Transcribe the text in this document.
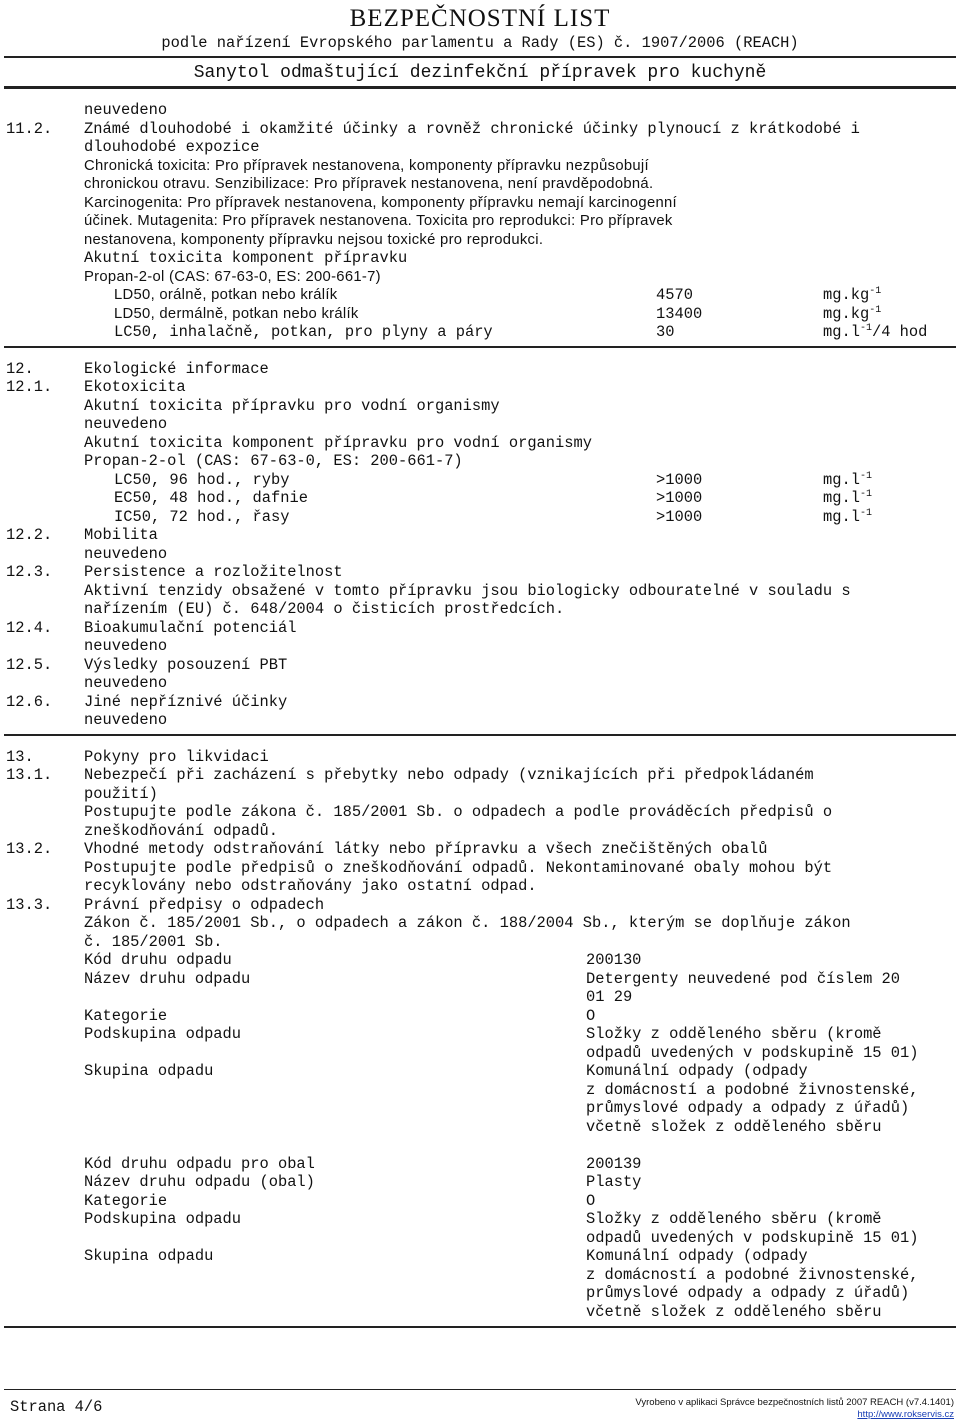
BEZPEČNOSTNÍ LIST
podle nařízení Evropského parlamentu a Rady (ES) č. 1907/2006 (REACH)
Sanytol odmaštující dezinfekční přípravek pro kuchyně
neuvedeno
11.2. Známé dlouhodobé i okamžité účinky a rovněž chronické účinky plynoucí z krátkodobé i
dlouhodobé expozice
Chronická toxicita: Pro přípravek nestanovena, komponenty přípravku nezpůsobují
chronickou otravu. Senzibilizace: Pro přípravek nestanovena, není pravděpodobná.
Karcinogenita: Pro přípravek nestanovena, komponenty přípravku nemají karcinogenní
účinek. Mutagenita: Pro přípravek nestanovena. Toxicita pro reprodukci: Pro přípravek
nestanovena, komponenty přípravku nejsou toxické pro reprodukci.
Akutní toxicita komponent přípravku
Propan-2-ol (CAS: 67-63-0, ES: 200-661-7)
LD50, orálně, potkan nebo králík	4570	$mg.kg^{-1}$
LD50, dermálně, potkan nebo králík	13400	$mg.kg^{-1}$
LC50, inhalačně, potkan, pro plyny a páry	30	$mg.l^{-1}/4$ hod
12.	Ekologické informace
12.1. Ekotoxicita
Akutní toxicita přípravku pro vodní organismy
neuvedeno
Akutní toxicita komponent přípravku pro vodní organismy
Propan-2-ol (CAS: 67-63-0, ES: 200-661-7)
LC50, 96 hod., ryby	>1000	$mg.l^{-1}$
EC50, 48 hod., dafnie	>1000	$mg.l^{-1}$
IC50, 72 hod., řasy	>1000	$mg.l^{-1}$
12.2. Mobilita
neuvedeno
12.3. Persistence a rozložitelnost
Aktivní tenzidy obsažené v tomto přípravku jsou biologicky odbouratelné v souladu s
nařízením (EU) č. 648/2004 o čisticích prostředcích.
12.4. Bioakumulační potenciál
neuvedeno
12.5. Výsledky posouzení PBT
neuvedeno
12.6. Jiné nepříznivé účinky
neuvedeno
13.	Pokyny pro likvidaci
13.1. Nebezpečí při zacházení s přebytky nebo odpady (vznikajících při předpokládaném
použití)
Postupujte podle zákona č. 185/2001 Sb. o odpadech a podle prováděcích předpisů o
zneškodňování odpadů.
13.2. Vhodné metody odstraňování látky nebo přípravku a všech znečištěných obalů
Postupujte podle předpisů o zneškodňování odpadů. Nekontaminované obaly mohou být
recyklovány nebo odstraňovány jako ostatní odpad.
13.3. Právní předpisy o odpadech
Zákon č. 185/2001 Sb., o odpadech a zákon č. 188/2004 Sb., kterým se doplňuje zákon
č. 185/2001 Sb.
Kód druhu odpadu	200130
Název druhu odpadu	Detergenty neuvedené pod číslem 20
01 29
Kategorie	O
Podskupina odpadu	Složky z odděleného sběru (kromě
odpadů uvedených v podskupině 15 01)
Skupina odpadu	Komunální odpady (odpady
z domácností a podobné živnostenské,
průmyslové odpady a odpady z úřadů)
včetně složek z odděleného sběru
Kód druhu odpadu pro obal	200139
Název druhu odpadu (obal)	Plasty
Kategorie	O
Podskupina odpadu	Složky z odděleného sběru (kromě
odpadů uvedených v podskupině 15 01)
Skupina odpadu	Komunální odpady (odpady
z domácností a podobné živnostenské,
průmyslové odpady a odpady z úřadů)
včetně složek z odděleného sběru
Strana 4/6	Vyrobeno v aplikaci Správce bezpečnostních listů 2007 REACH (v7.4.1401)
http://www.rokservis.cz
